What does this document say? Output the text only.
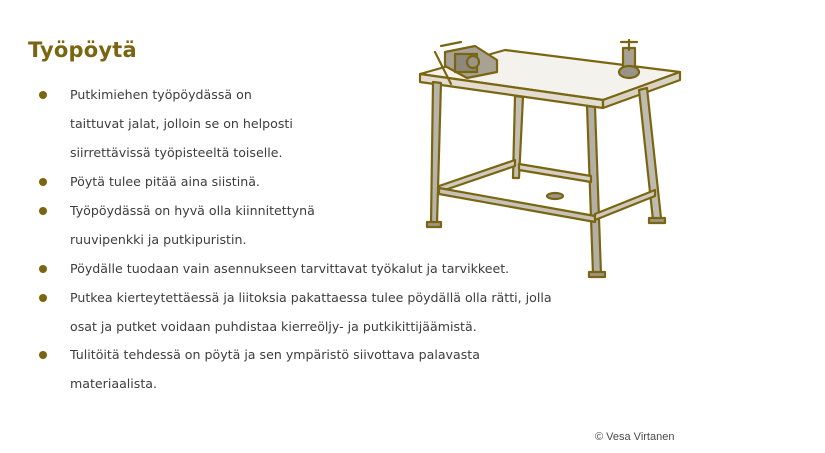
Työpöytä
Putkimiehen työpöydässä on
taittuvat jalat, jolloin se on helposti
siirrettävissä työpisteeltä toiselle.
Pöytä tulee pitää aina siistinä.
Työpöydässä on hyvä olla kiinnitettynä
ruuvipenkki ja putkipuristin.
Pöydälle tuodaan vain asennukseen tarvittavat työkalut ja tarvikkeet.
Putkea kierteytettäessä ja liitoksia pakattaessa tulee pöydällä olla rätti, jolla
osat ja putket voidaan puhdistaa kierreöljy- ja putkikittijäämistä.
Tulitöitä tehdessä on pöytä ja sen ympäristö siivottava palavasta
materiaalista.
© Vesa Virtanen
